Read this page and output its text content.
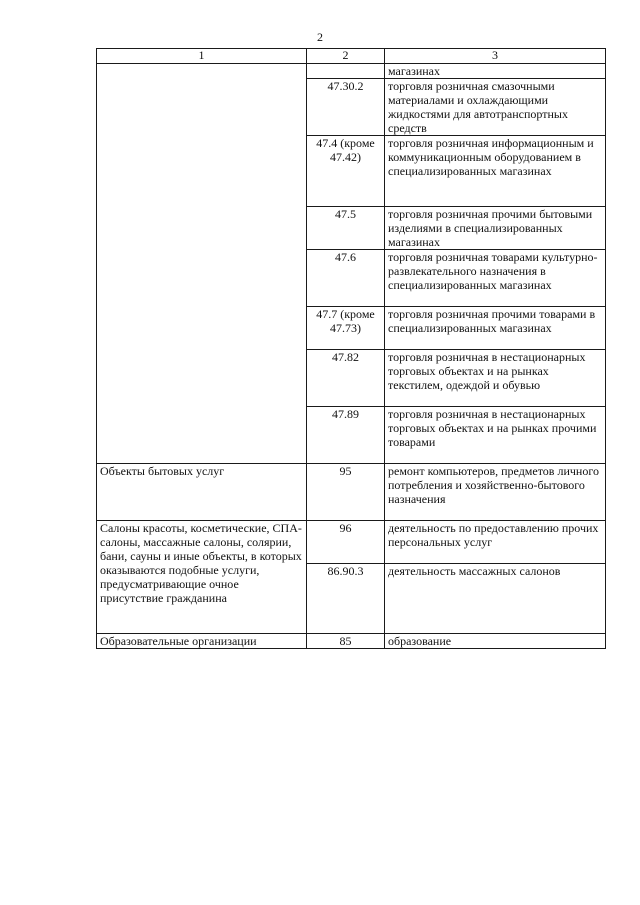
2
1	2	3
		магазинах
	47.30.2	торговля розничная смазочными материалами и охлаждающими жидкостями для автотранспортных средств
	47.4 (кроме 47.42)	торговля розничная информационным и коммуникационным оборудованием в специализированных магазинах
	47.5	торговля розничная прочими бытовыми изделиями в специализированных магазинах
	47.6	торговля розничная товарами культурно-развлекательного назначения в специализированных магазинах
	47.7 (кроме 47.73)	торговля розничная прочими товарами в специализированных магазинах
	47.82	торговля розничная в нестационарных торговых объектах и на рынках текстилем, одеждой и обувью
	47.89	торговля розничная в нестационарных торговых объектах и на рынках прочими товарами
Объекты бытовых услуг	95	ремонт компьютеров, предметов личного потребления и хозяйственно-бытового назначения
Салоны красоты, косметические, СПА-салоны, массажные салоны, солярии, бани, сауны и иные объекты, в которых оказываются подобные услуги, предусматривающие очное присутствие гражданина	96	деятельность по предоставлению прочих персональных услуг
	86.90.3	деятельность массажных салонов
Образовательные организации	85	образование
